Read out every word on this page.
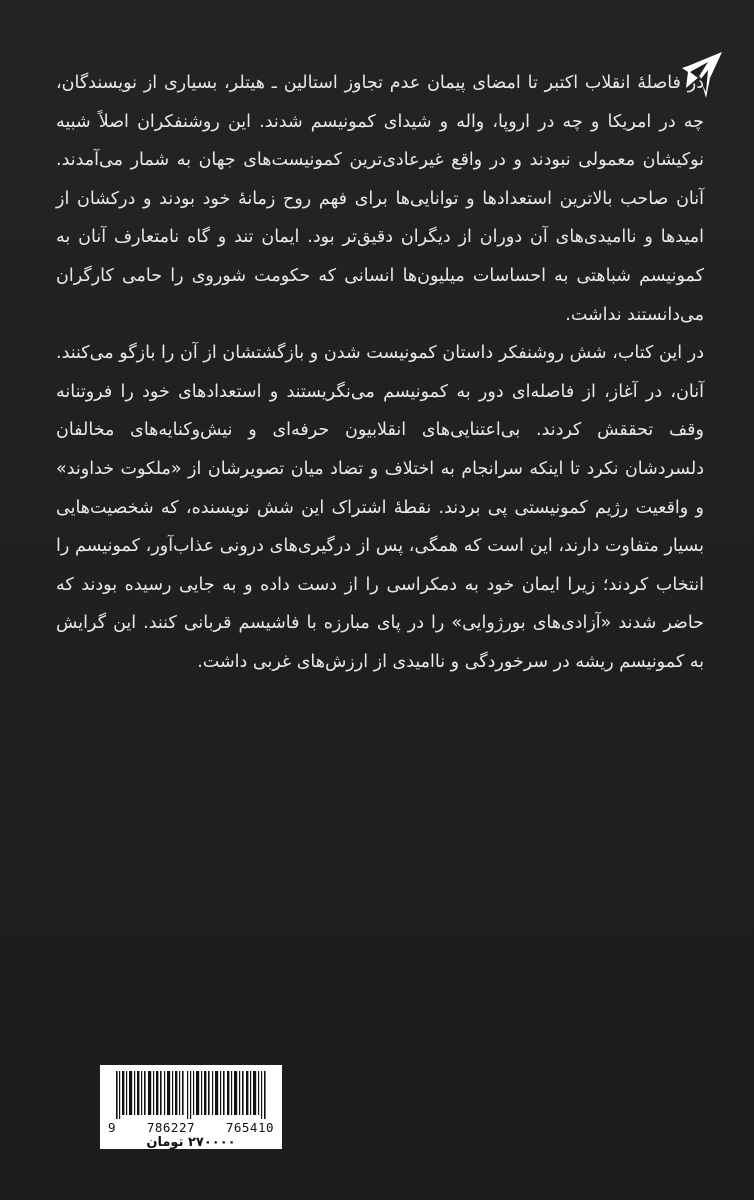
در فاصلهٔ انقلاب اکتبر تا امضای پیمان عدم تجاوز استالین ـ هیتلر، بسیاری از نویسندگان، چه در امریکا و چه در اروپا، واله و شیدای کمونیسم شدند. این روشنفکران اصلاً شبیه نوکیشان معمولی نبودند و در واقع غیرعادی‌ترین کمونیست‌های جهان به شمار می‌آمدند. آنان صاحب بالاترین استعدادها و توانایی‌ها برای فهم روح زمانهٔ خود بودند و درکشان از امیدها و ناامیدی‌های آن دوران از دیگران دقیق‌تر بود. ایمان تند و گاه نامتعارف آنان به کمونیسم شباهتی به احساسات میلیون‌ها انسانی که حکومت شوروی را حامی کارگران می‌دانستند نداشت.

در این کتاب، شش روشنفکر داستان کمونیست شدن و بازگشتشان از آن را بازگو می‌کنند. آنان، در آغاز، از فاصله‌ای دور به کمونیسم می‌نگریستند و استعدادهای خود را فروتنانه وقف تحققش کردند. بی‌اعتنایی‌های انقلابیون حرفه‌ای و نیش‌وکنایه‌های مخالفان دلسردشان نکرد تا اینکه سرانجام به اختلاف و تضاد میان تصویرشان از «ملکوت خداوند» و واقعیت رژیم کمونیستی پی بردند. نقطهٔ اشتراک این شش نویسنده، که شخصیت‌هایی بسیار متفاوت دارند، این است که همگی، پس از درگیری‌های درونی عذاب‌آور، کمونیسم را انتخاب کردند؛ زیرا ایمان خود به دمکراسی را از دست داده و به جایی رسیده بودند که حاضر شدند «آزادی‌های بورژوایی» را در پای مبارزه با فاشیسم قربانی کنند. این گرایش به کمونیسم ریشه در سرخوردگی و ناامیدی از ارزش‌های غربی داشت.

9 786227 765410
۲۷۰۰۰۰ تومان
